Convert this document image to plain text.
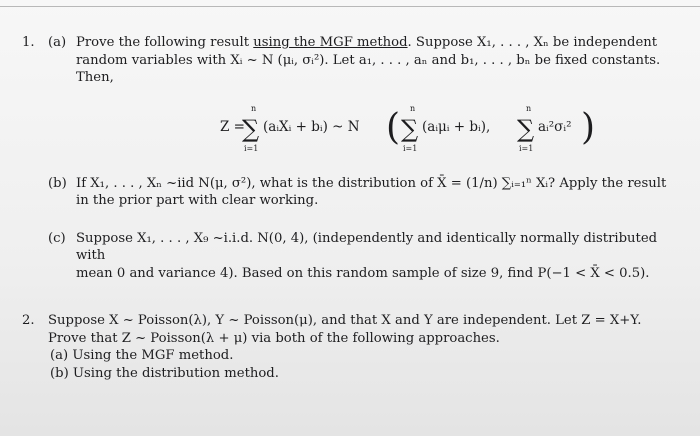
1.	(a) Prove the following result using the MGF method. Suppose X₁, . . . , Xₙ be independent
random variables with Xᵢ ~ N (μᵢ, σᵢ²). Let a₁, . . . , aₙ and b₁, . . . , bₙ be fixed constants.
Then,
Z =
n
∑
i=1
(aᵢXᵢ + bᵢ) ~ N ( n
∑
i=1
(aᵢμᵢ + bᵢ),
n
∑
i=1
aᵢ²σᵢ² )
(b) If X₁, . . . , Xₙ ~iid N(μ, σ²), what is the distribution of X̄ = (1/n) ∑ᵢ₌₁ⁿ Xᵢ? Apply the result
in the prior part with clear working.
(c) Suppose X₁, . . . , X₉ ~i.i.d. N(0, 4), (independently and identically normally distributed with
mean 0 and variance 4). Based on this random sample of size 9, find P(−1 < X̄ < 0.5).
2.	Suppose X ~ Poisson(λ), Y ~ Poisson(μ), and that X and Y are independent. Let Z = X+Y.
Prove that Z ~ Poisson(λ + μ) via both of the following approaches.
(a) Using the MGF method.
(b) Using the distribution method.
